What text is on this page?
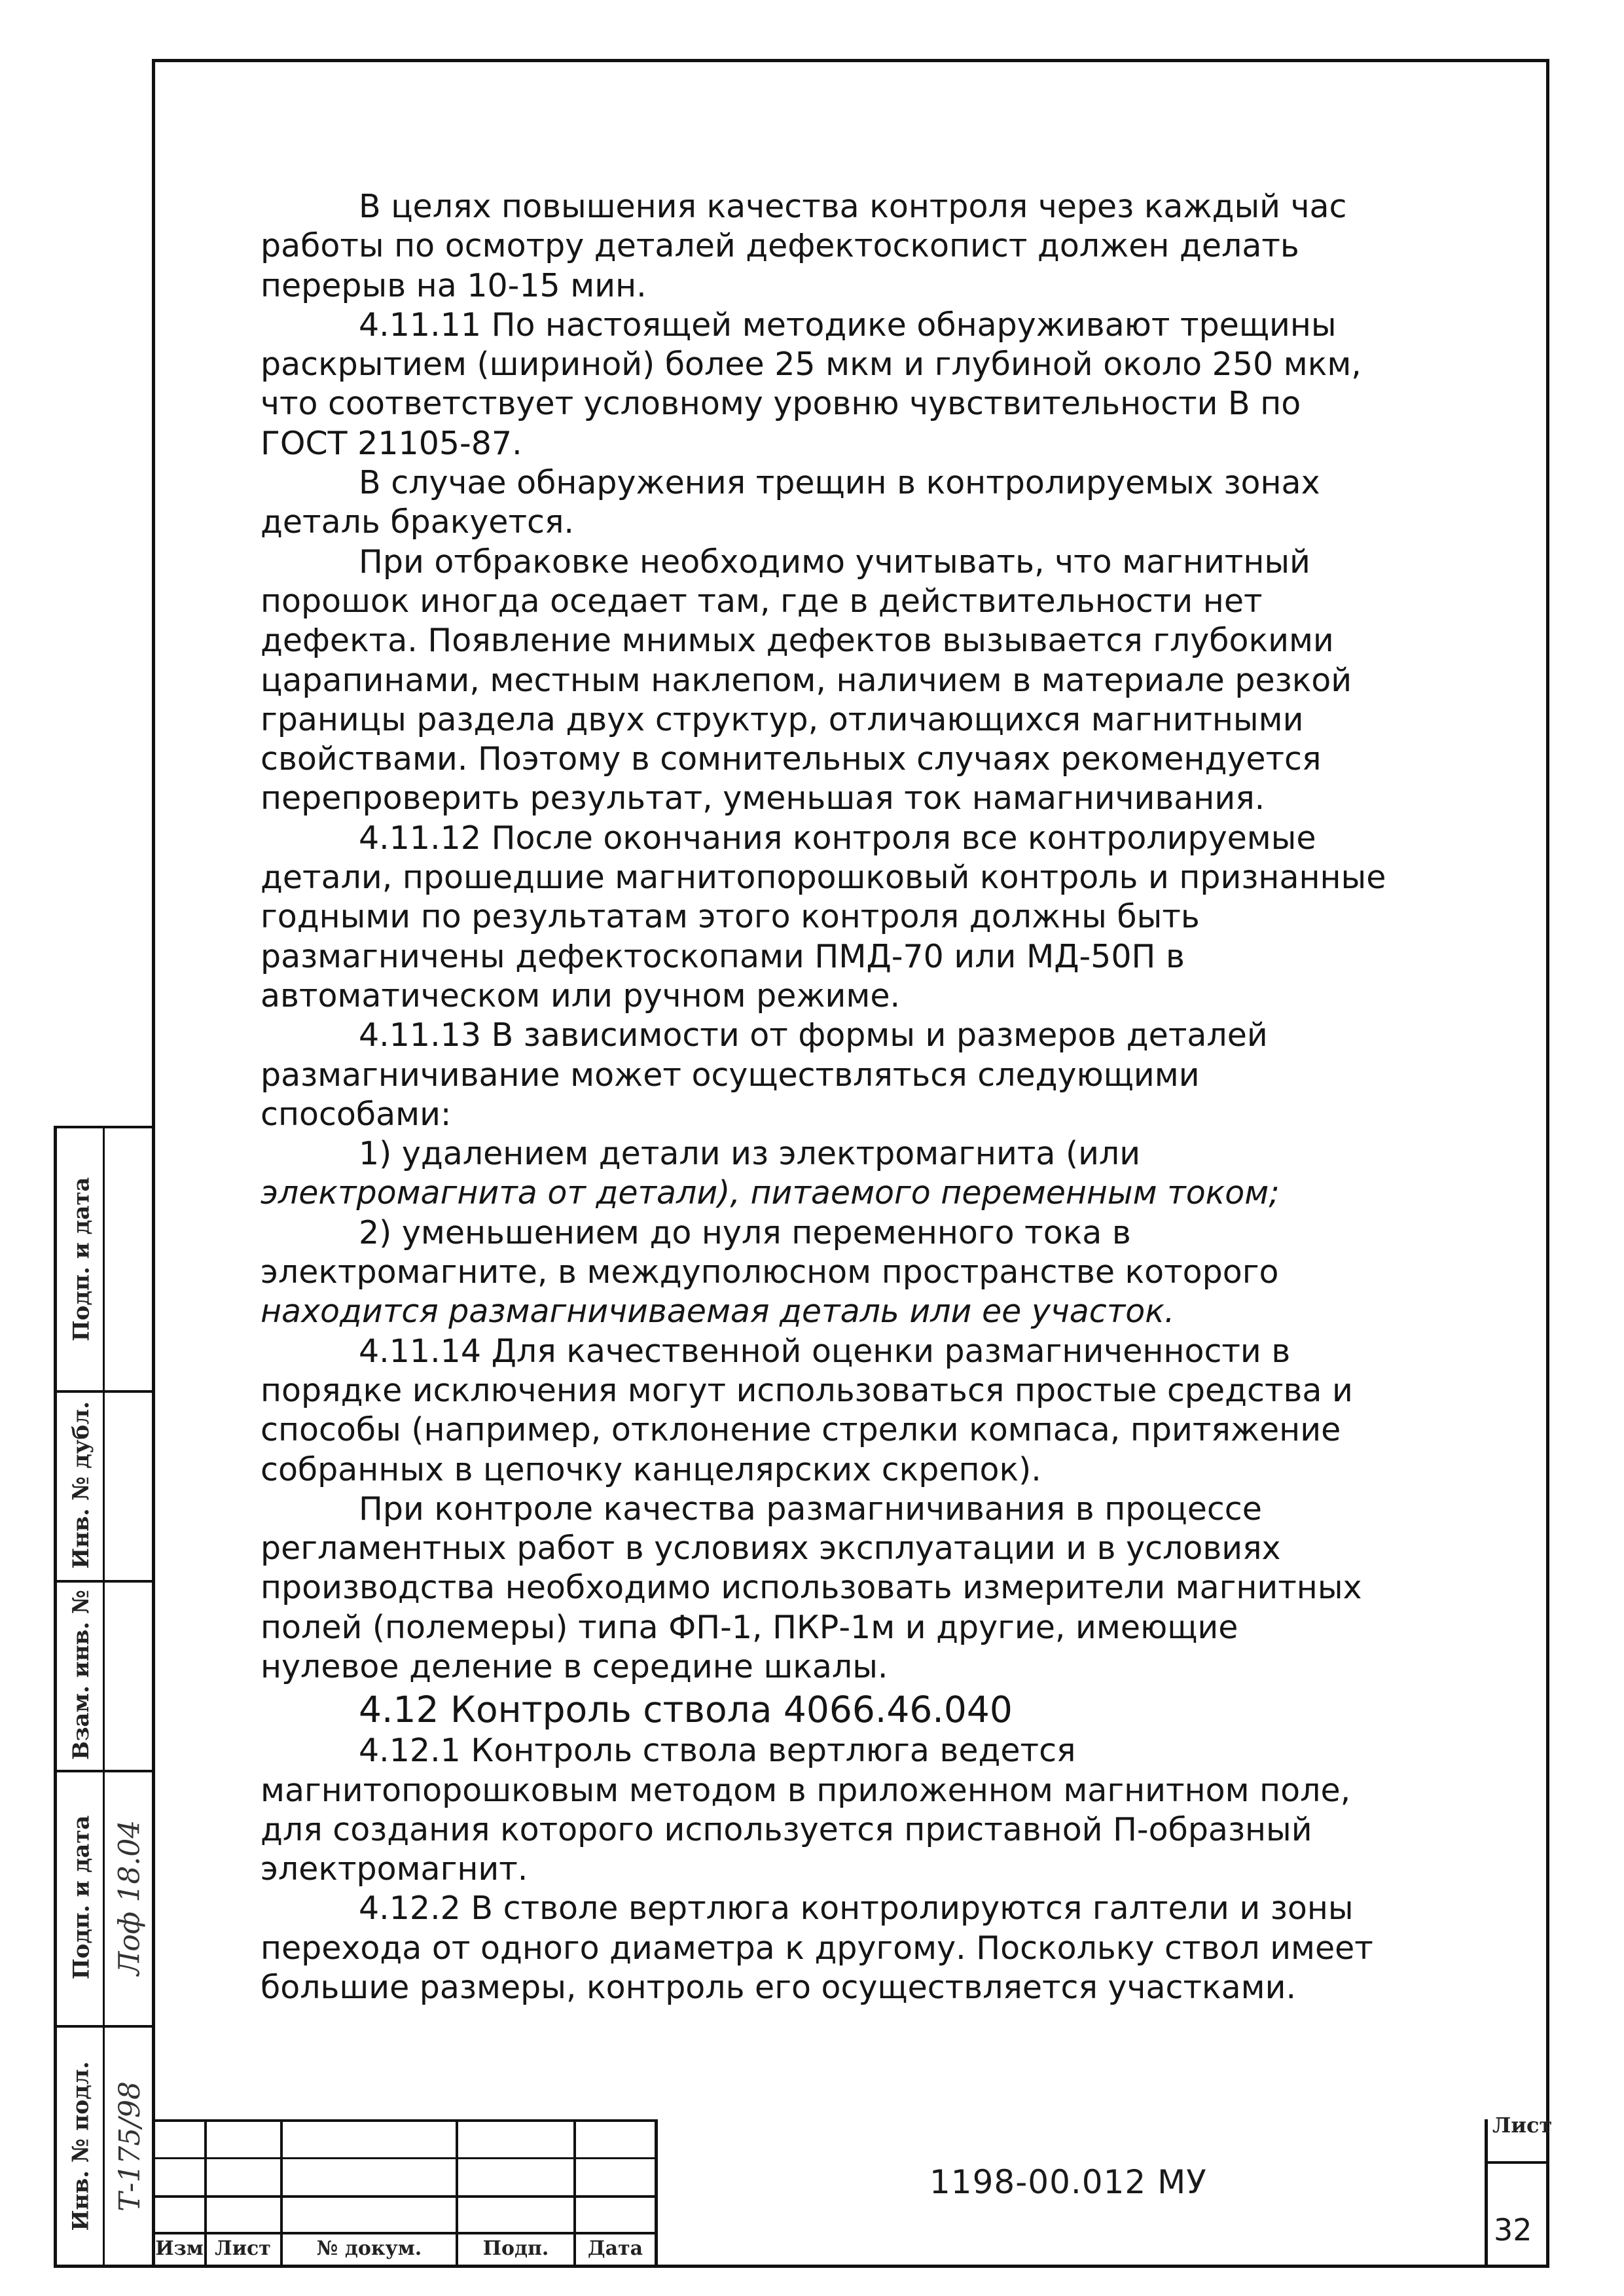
В целях повышения качества контроля через каждый час работы по осмотру деталей дефектоскопист должен делать перерыв на 10-15 мин.

4.11.11 По настоящей методике обнаруживают трещины раскрытием (шириной) более 25 мкм и глубиной около 250 мкм, что соответствует условному уровню чувствительности В по ГОСТ 21105-87.

В случае обнаружения трещин в контролируемых зонах деталь бракуется.

При отбраковке необходимо учитывать, что магнитный порошок иногда оседает там, где в действительности нет дефекта. Появление мнимых дефектов вызывается глубокими царапинами, местным наклепом, наличием в материале резкой границы раздела двух структур, отличающихся магнитными свойствами. Поэтому в сомнительных случаях рекомендуется перепроверить результат, уменьшая ток намагничивания.

4.11.12 После окончания контроля все контролируемые детали, прошедшие магнитопорошковый контроль и признанные годными по результатам этого контроля должны быть размагничены дефектоскопами ПМД-70 или МД-50П в автоматическом или ручном режиме.

4.11.13 В зависимости от формы и размеров деталей размагничивание может осуществляться следующими способами:

1) удалением детали из электромагнита (или

электромагнита от детали), питаемого переменным током;

2) уменьшением до нуля переменного тока в

электромагните, в междуполюсном пространстве которого

находится размагничиваемая деталь или ее участок.

4.11.14 Для качественной оценки размагниченности в порядке исключения могут использоваться простые средства и способы (например, отклонение стрелки компаса, притяжение собранных в цепочку канцелярских скрепок).

При контроле качества размагничивания в процессе регламентных работ в условиях эксплуатации и в условиях производства необходимо использовать измерители магнитных полей (полемеры) типа ФП-1, ПКР-1м и другие, имеющие нулевое деление в середине шкалы.

4.12 Контроль ствола 4066.46.040

4.12.1 Контроль ствола вертлюга ведется магнитопорошковым методом в приложенном магнитном поле, для создания которого используется приставной П-образный электромагнит.

4.12.2 В стволе вертлюга контролируются галтели и зоны перехода от одного диаметра к другому. Поскольку ствол имеет большие размеры, контроль его осуществляется участками.

Подп. и дата
Инв. № дубл.
Взам. инв. №
Подп. и дата
Инв. № подл.
Лоф 18.04
Т-175/98
Изм Лист	№ докум.	Подп.	Дата
1198-00.012 МУ
Лист
32
